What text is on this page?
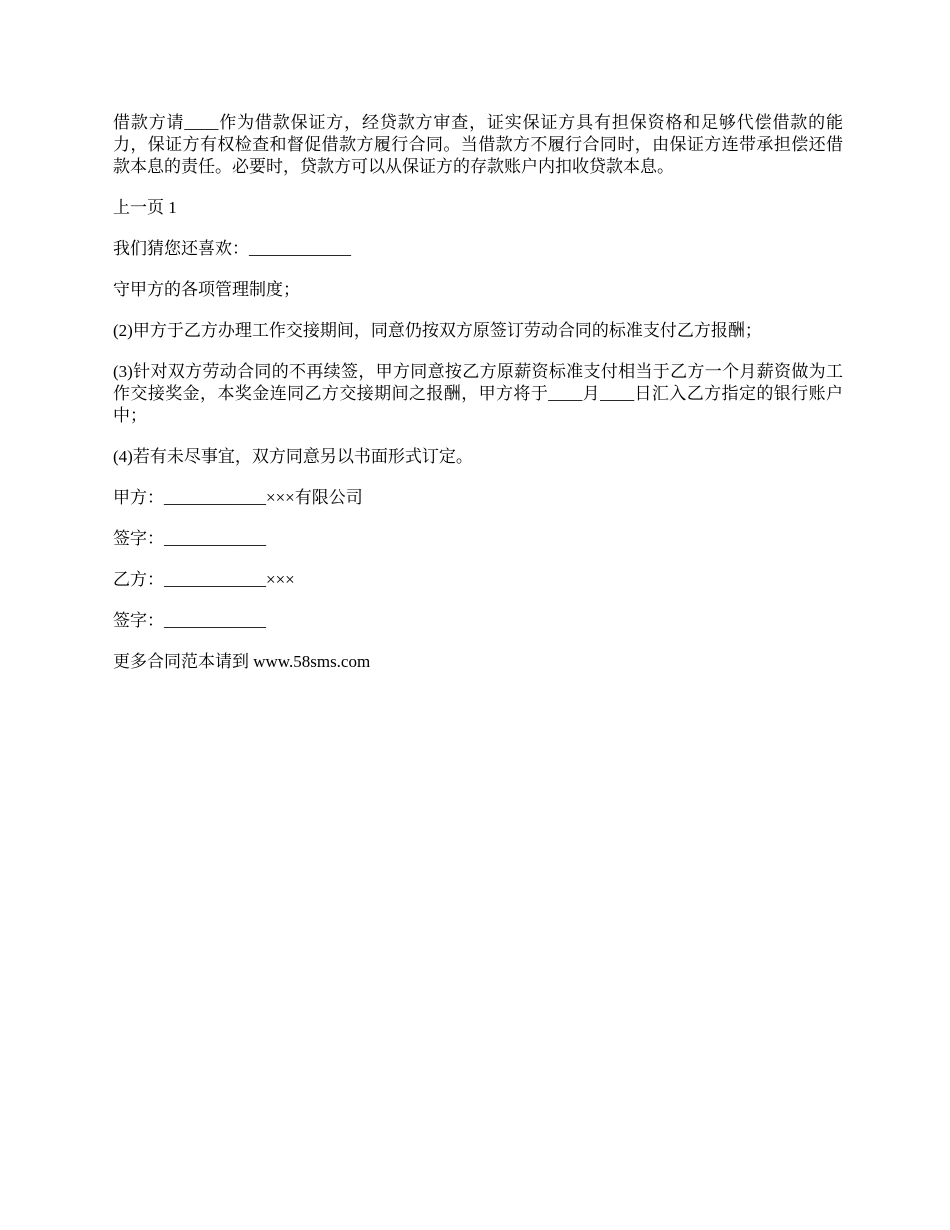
借款方请____作为借款保证方，经贷款方审查，证实保证方具有担保资格和足够代偿借款的能力，保证方有权检查和督促借款方履行合同。当借款方不履行合同时，由保证方连带承担偿还借款本息的责任。必要时，贷款方可以从保证方的存款账户内扣收贷款本息。

上一页 1

我们猜您还喜欢：____________

守甲方的各项管理制度；

(2)甲方于乙方办理工作交接期间，同意仍按双方原签订劳动合同的标准支付乙方报酬；

(3)针对双方劳动合同的不再续签，甲方同意按乙方原薪资标准支付相当于乙方一个月薪资做为工作交接奖金，本奖金连同乙方交接期间之报酬，甲方将于____月____日汇入乙方指定的银行账户中；

(4)若有未尽事宜，双方同意另以书面形式订定。

甲方：____________×××有限公司

签字：____________

乙方：____________×××

签字：____________

更多合同范本请到 www.58sms.com
